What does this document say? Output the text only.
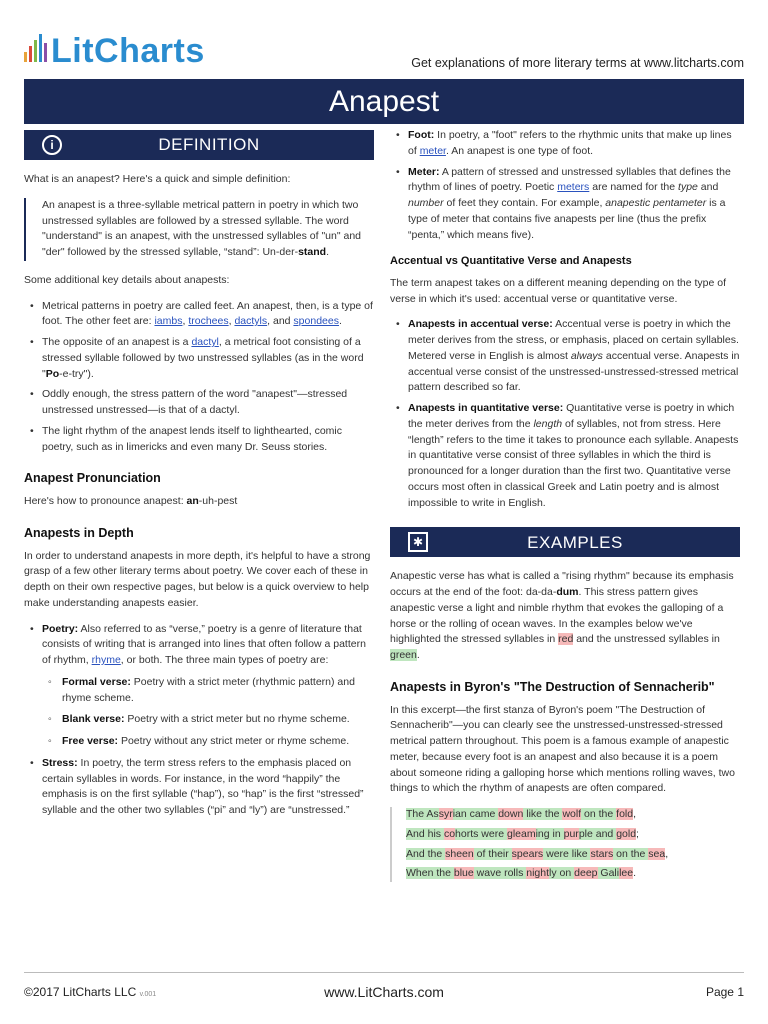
LitCharts	Get explanations of more literary terms at www.litcharts.com
Anapest
i	DEFINITION

What is an anapest? Here's a quick and simple definition:

An anapest is a three-syllable metrical pattern in poetry in which two unstressed syllables are followed by a stressed syllable. The word "understand" is an anapest, with the unstressed syllables of "un" and "der" followed by the stressed syllable, “stand”: Un-der-stand.

Some additional key details about anapests:

• Metrical patterns in poetry are called feet. An anapest, then, is a type of foot. The other feet are: iambs, trochees, dactyls, and spondees.
• The opposite of an anapest is a dactyl, a metrical foot consisting of a stressed syllable followed by two unstressed syllables (as in the word "Po-e-try").
• Oddly enough, the stress pattern of the word "anapest"—stressed unstressed unstressed—is that of a dactyl.
• The light rhythm of the anapest lends itself to lighthearted, comic poetry, such as in limericks and even many Dr. Seuss stories.
Anapest Pronunciation

Here's how to pronounce anapest: an-uh-pest

Anapests in Depth

In order to understand anapests in more depth, it's helpful to have a strong grasp of a few other literary terms about poetry. We cover each of these in depth on their own respective pages, but below is a quick overview to help make understanding anapests easier.

• Poetry: Also referred to as “verse,” poetry is a genre of literature that consists of writing that is arranged into lines that often follow a pattern of rhythm, rhyme, or both. The three main types of poetry are:
◦ Formal verse: Poetry with a strict meter (rhythmic pattern) and rhyme scheme.
◦ Blank verse: Poetry with a strict meter but no rhyme scheme.
◦ Free verse: Poetry without any strict meter or rhyme scheme.
• Stress: In poetry, the term stress refers to the emphasis placed on certain syllables in words. For instance, in the word “happily” the emphasis is on the first syllable (“hap”), so “hap” is the first “stressed” syllable and the other two syllables (“pi” and “ly”) are “unstressed.”
• Foot: In poetry, a "foot" refers to the rhythmic units that make up lines of meter. An anapest is one type of foot.
• Meter: A pattern of stressed and unstressed syllables that defines the rhythm of lines of poetry. Poetic meters are named for the type and number of feet they contain. For example, anapestic pentameter is a type of meter that contains five anapests per line (thus the prefix “penta,” which means five).
Accentual vs Quantitative Verse and Anapests

The term anapest takes on a different meaning depending on the type of verse in which it's used: accentual verse or quantitative verse.

• Anapests in accentual verse: Accentual verse is poetry in which the meter derives from the stress, or emphasis, placed on certain syllables. Metered verse in English is almost always accentual verse. Anapests in accentual verse consist of the unstressed-unstressed-stressed metrical pattern described so far.
• Anapests in quantitative verse: Quantitative verse is poetry in which the meter derives from the length of syllables, not from stress. Here “length” refers to the time it takes to pronounce each syllable. Anapests in quantitative verse consist of three syllables in which the third is pronounced for a longer duration than the first two. Quantitative verse occurs most often in classical Greek and Latin poetry and is almost impossible to write in English.
✱	EXAMPLES

Anapestic verse has what is called a "rising rhythm" because its emphasis occurs at the end of the foot: da-da-dum. This stress pattern gives anapestic verse a light and nimble rhythm that evokes the galloping of a horse or the rolling of ocean waves. In the examples below we've highlighted the stressed syllables in red and the unstressed syllables in green.

Anapests in Byron's "The Destruction of Sennacherib"

In this excerpt—the first stanza of Byron's poem "The Destruction of Sennacherib"—you can clearly see the unstressed-unstressed-stressed metrical pattern throughout. This poem is a famous example of anapestic meter, because every foot is an anapest and also because it is a poem about someone riding a galloping horse which mentions rolling waves, two things to which the rhythm of anapests are often compared.

The Assyrian came down like the wolf on the fold,
And his cohorts were gleaming in purple and gold;
And the sheen of their spears were like stars on the sea,
When the blue wave rolls nightly on deep Galilee.
©2017 LitCharts LLC v.001	www.LitCharts.com	Page 1
